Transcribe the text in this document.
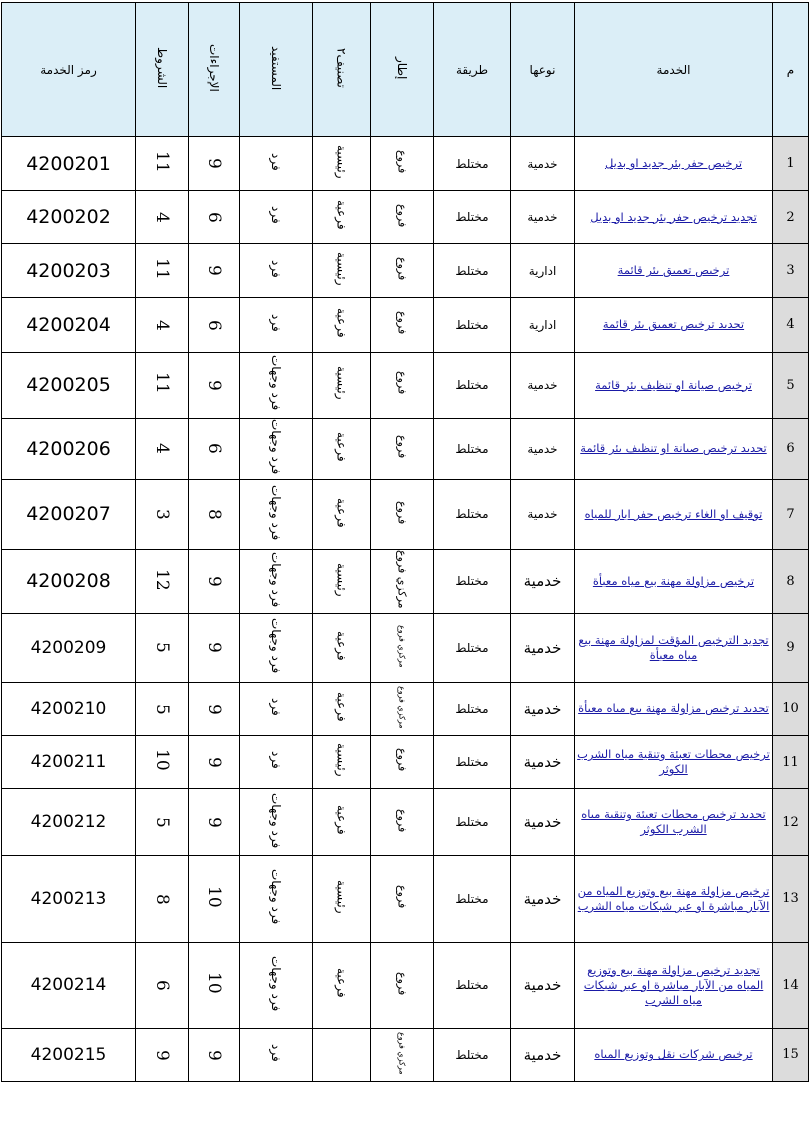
م	الخدمة	نوعها	طريقة	إطار	تصنيف٢	المستفيد	الإجراءات	الشروط	رمز الخدمة
1	ترخيص حفر بئر جديد او بديل	خدمية	مختلط	فروع	رئيسية	فرد	9	11	4200201
2	تجديد ترخيص حفر بئر جديد او بديل	خدمية	مختلط	فروع	فرعية	فرد	6	4	4200202
3	ترخيص تعميق بئر قائمة	ادارية	مختلط	فروع	رئيسية	فرد	9	11	4200203
4	تجديد ترخيص تعميق بئر قائمة	ادارية	مختلط	فروع	فرعية	فرد	6	4	4200204
5	ترخيص صيانة او تنظيف بئر قائمة	خدمية	مختلط	فروع	رئيسية	فرد وجهات	9	11	4200205
6	تجديد ترخيص صيانة او تنظيف بئر قائمة	خدمية	مختلط	فروع	فرعية	فرد وجهات	6	4	4200206
7	توقيف او الغاء ترخيص حفر ابار للمياه	خدمية	مختلط	فروع	فرعية	فرد وجهات	8	3	4200207
8	ترخيص مزاولة مهنة بيع مياه معبأة	خدمية	مختلط	مركزي فروع	رئيسية	فرد وجهات	9	12	4200208
9	تجديد الترخيص المؤقت لمزاولة مهنة بيع مياه معبأة	خدمية	مختلط	مركزي فروع	فرعية	فرد وجهات	9	5	4200209
10	تجديد ترخيص مزاولة مهنة بيع مياه معبأة	خدمية	مختلط	مركزي فروع	فرعية	فرد	9	5	4200210
11	ترخيص محطات تعبئة وتنقية مياه الشرب الكوثر	خدمية	مختلط	فروع	رئيسية	فرد	9	10	4200211
12	تجديد ترخيص محطات تعبئة وتنقية مياه الشرب الكوثر	خدمية	مختلط	فروع	فرعية	فرد وجهات	9	5	4200212
13	ترخيص مزاولة مهنة بيع وتوزيع المياه من الآبار مباشرة او عبر شبكات مياه الشرب	خدمية	مختلط	فروع	رئيسية	فرد وجهات	10	8	4200213
14	تجديد ترخيص مزاولة مهنة بيع وتوزيع المياه من الآبار مباشرة او عبر شبكات مياه الشرب	خدمية	مختلط	فروع	فرعية	فرد وجهات	10	6	4200214
15	ترخيص شركات نقل وتوزيع المياه	خدمية	مختلط	مركزي فروع		فرد	9	9	4200215
